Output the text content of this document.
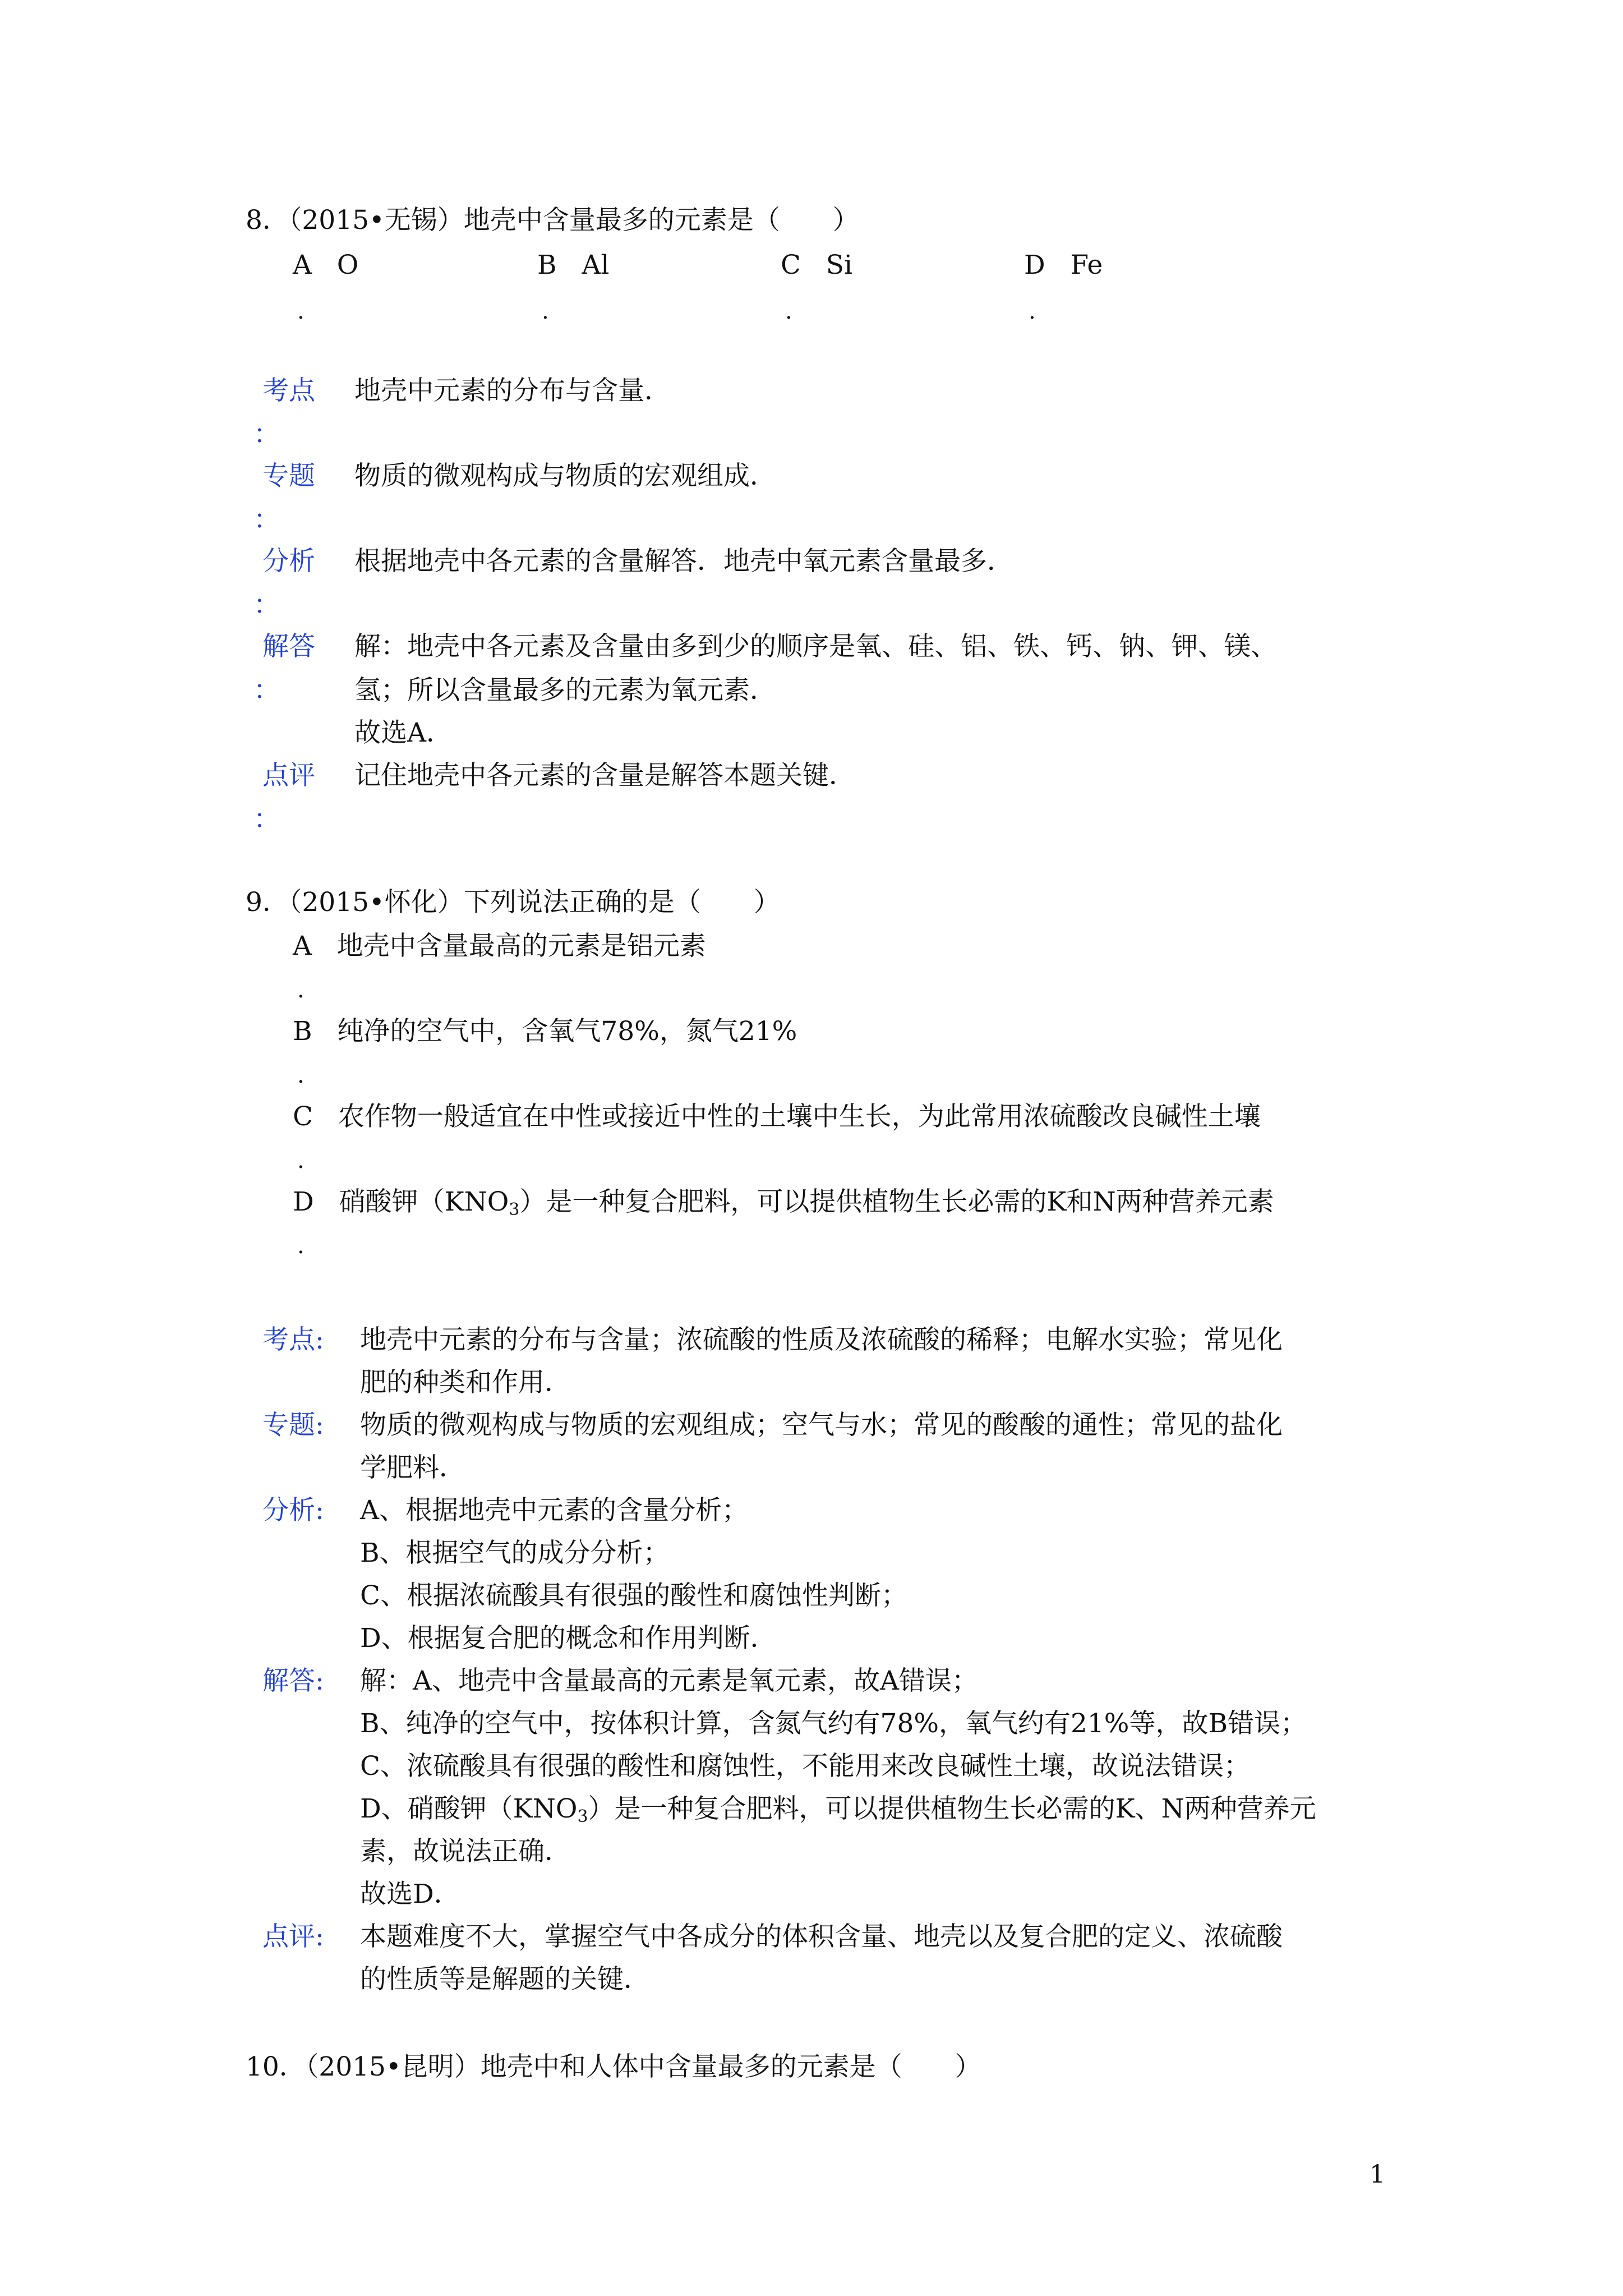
8．（2015•无锡）地壳中含量最多的元素是（　　）
A O	B Al	C Si	D Fe
.	.	.	.
考点
：
地壳中元素的分布与含量．
专题
：
物质的微观构成与物质的宏观组成．
分析
：
根据地壳中各元素的含量解答．地壳中氧元素含量最多．
解答
：
解：地壳中各元素及含量由多到少的顺序是氧、硅、铝、铁、钙、钠、钾、镁、
氢；所以含量最多的元素为氧元素．
故选A．
点评
：
记住地壳中各元素的含量是解答本题关键．
9．（2015•怀化）下列说法正确的是（　　）
A 地壳中含量最高的元素是铝元素
.
B 纯净的空气中，含氧气78%，氮气21%
.
C 农作物一般适宜在中性或接近中性的土壤中生长，为此常用浓硫酸改良碱性土壤
.
D 硝酸钾$(KNO_3)$是一种复合肥料，可以提供植物生长必需的K和N两种营养元素
.
考点: 地壳中元素的分布与含量；浓硫酸的性质及浓硫酸的稀释；电解水实验；常见化
肥的种类和作用．
专题: 物质的微观构成与物质的宏观组成；空气与水；常见的酸酸的通性；常见的盐化
学肥料．
分析: A、根据地壳中元素的含量分析；
B、根据空气的成分分析；
C、根据浓硫酸具有很强的酸性和腐蚀性判断；
D、根据复合肥的概念和作用判断．
解答: 解：A、地壳中含量最高的元素是氧元素，故A错误；
B、纯净的空气中，按体积计算，含氮气约有78%，氧气约有21%等，故B错误；
C、浓硫酸具有很强的酸性和腐蚀性，不能用来改良碱性土壤，故说法错误；
D、硝酸钾$(KNO_3)$是一种复合肥料，可以提供植物生长必需的K、N两种营养元
素，故说法正确．
故选D．
点评: 本题难度不大，掌握空气中各成分的体积含量、地壳以及复合肥的定义、浓硫酸
的性质等是解题的关键．
10．（2015•昆明）地壳中和人体中含量最多的元素是（　　）
1
